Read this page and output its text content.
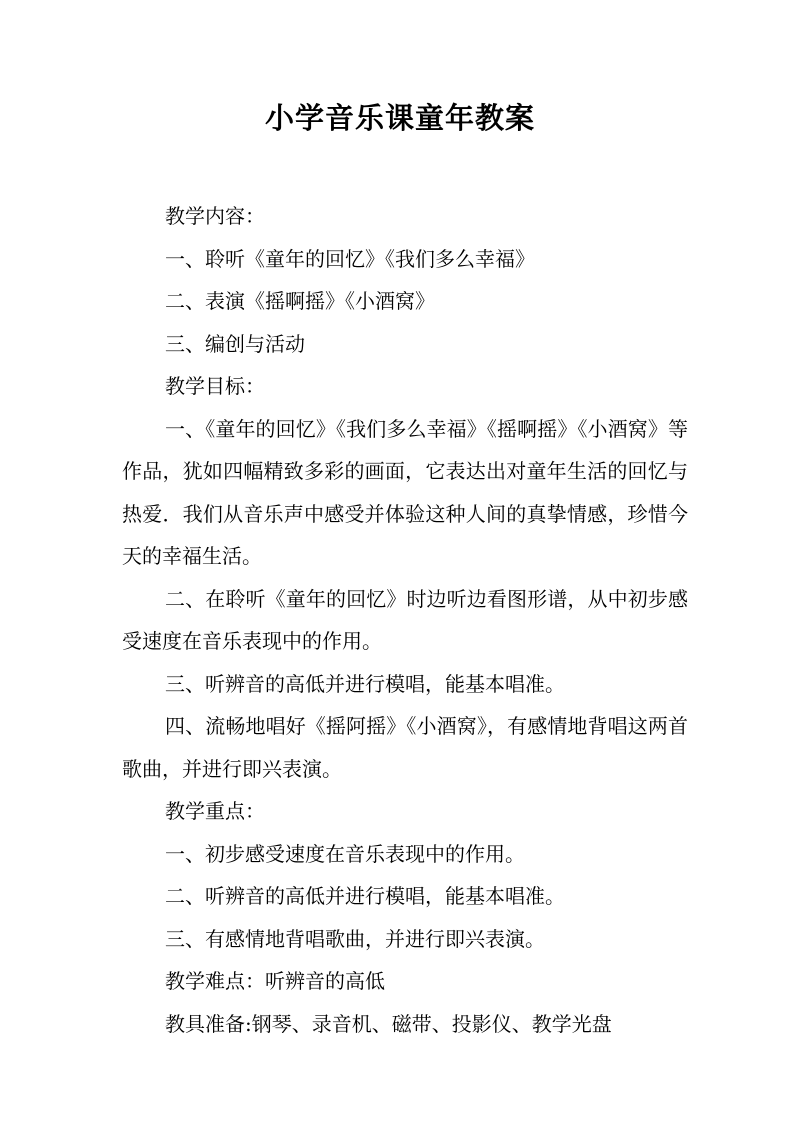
小学音乐课童年教案

教学内容：

一、聆听《童年的回忆》《我们多么幸福》

二、表演《摇啊摇》《小酒窝》

三、编创与活动

教学目标：

一、《童年的回忆》《我们多么幸福》《摇啊摇》《小酒窝》等作品，犹如四幅精致多彩的画面，它表达出对童年生活的回忆与热爱．我们从音乐声中感受并体验这种人间的真挚情感，珍惜今天的幸福生活。

二、在聆听《童年的回忆》时边听边看图形谱，从中初步感受速度在音乐表现中的作用。

三、听辨音的高低并进行模唱，能基本唱准。

四、流畅地唱好《摇阿摇》《小酒窝》，有感情地背唱这两首歌曲，并进行即兴表演。

教学重点：

一、初步感受速度在音乐表现中的作用。

二、听辨音的高低并进行模唱，能基本唱准。

三、有感情地背唱歌曲，并进行即兴表演。

教学难点：听辨音的高低

教具准备:钢琴、录音机、磁带、投影仪、教学光盘
